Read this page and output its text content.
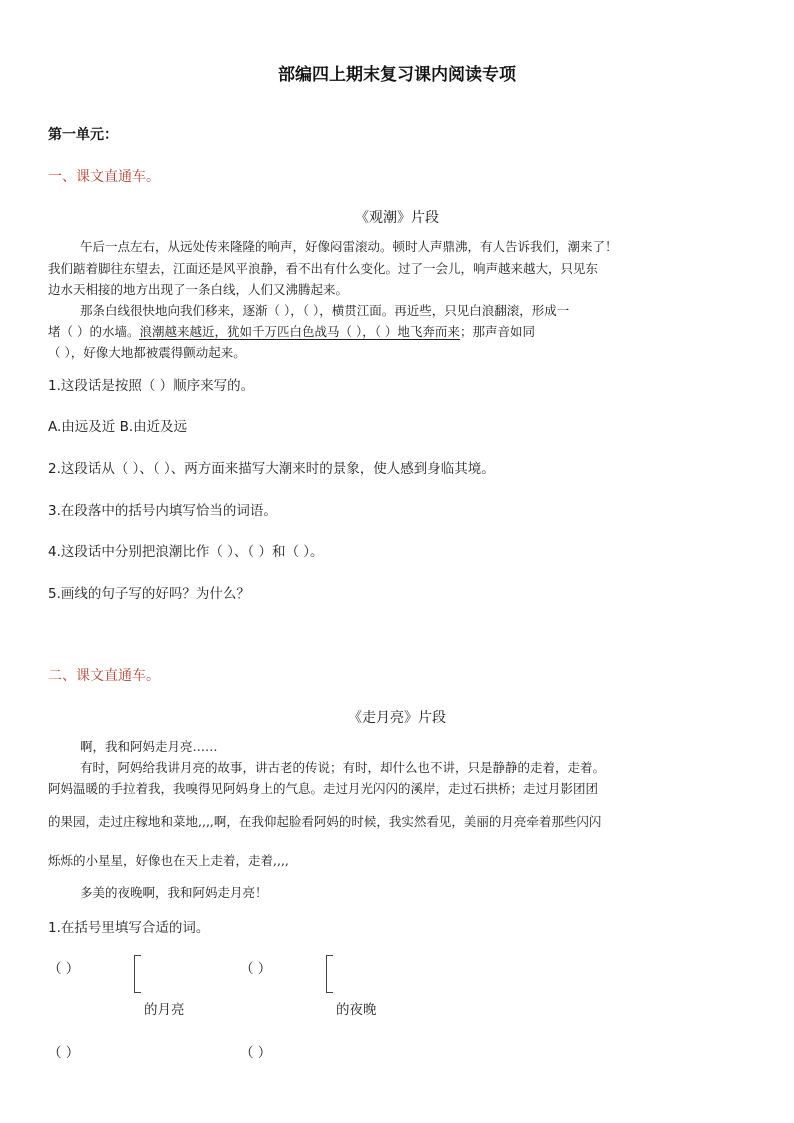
部编四上期末复习课内阅读专项
第一单元：
一、课文直通车。
《观潮》片段
午后一点左右，从远处传来隆隆的响声，好像闷雷滚动。顿时人声鼎沸，有人告诉我们，潮来了！
我们踮着脚往东望去，江面还是风平浪静，看不出有什么变化。过了一会儿，响声越来越大，只见东
边水天相接的地方出现了一条白线，人们又沸腾起来。
那条白线很快地向我们移来，逐渐（ ），（ ），横贯江面。再近些，只见白浪翻滚，形成一
堵（ ）的水墙。浪潮越来越近，犹如千万匹白色战马（ ），（ ）地飞奔而来；那声音如同
（ ），好像大地都被震得颤动起来。
1.这段话是按照（ ）顺序来写的。
A.由远及近 B.由近及远
2.这段话从（ ）、（ ）、两方面来描写大潮来时的景象，使人感到身临其境。
3.在段落中的括号内填写恰当的词语。
4.这段话中分别把浪潮比作（ ）、（ ）和（ ）。
5.画线的句子写的好吗？为什么？
二、课文直通车。
《走月亮》片段
啊，我和阿妈走月亮……
有时，阿妈给我讲月亮的故事，讲古老的传说；有时，却什么也不讲，只是静静的走着，走着。
阿妈温暖的手拉着我，我嗅得见阿妈身上的气息。走过月光闪闪的溪岸，走过石拱桥；走过月影团团
的果园，走过庄稼地和菜地,,,,啊，在我仰起脸看阿妈的时候，我实然看见，美丽的月亮牵着那些闪闪
烁烁的小星星，好像也在天上走着，走着,,,,
多美的夜晚啊，我和阿妈走月亮！
1.在括号里填写合适的词。
（ ）
（ ）
的月亮
（ ）
（ ）
的夜晚
